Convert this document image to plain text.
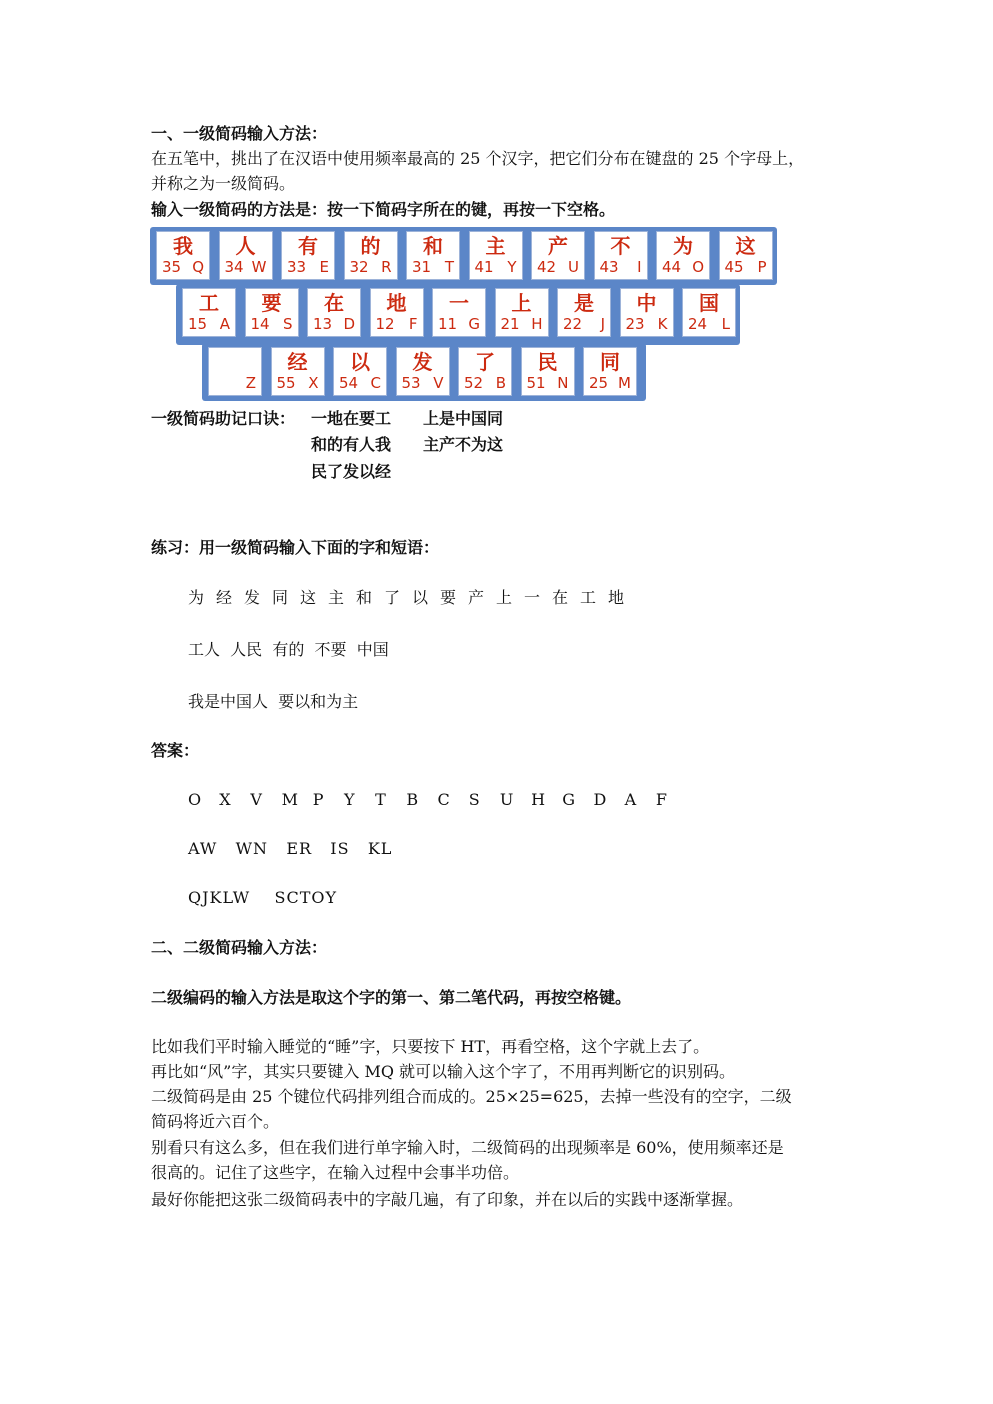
一、一级简码输入方法：
在五笔中，挑出了在汉语中使用频率最高的 25 个汉字，把它们分布在键盘的 25 个字母上，
并称之为一级简码。
输入一级简码的方法是：按一下简码字所在的键，再按一下空格。
我
35 Q
人
34 W
有
33 E
的
32 R
和
31 T
主
41 Y
产
42 U
不
43 I
为
44 O
这
45 P
工
15 A
要
14 S
在
13 D
地
12 F
一
11 G
上
21 H
是
22 J
中
23 K
国
24 L
Z
经
55 X
以
54 C
发
53 V
了
52 B
民
51 N
同
25 M
一级简码助记口诀： 一地在要工 上是中国同
和的有人我 主产不为这
民了发以经
练习：用一级简码输入下面的字和短语：
为 经 发 同 这 主 和 了 以 要 产 上 一 在 工 地
工人  人民  有的  不要  中国
我是中国人  要以和为主
答案：
O X V M P Y T B C S U H G D A F
AW   WN   ER   IS   KL
QJKLW    SCTOY
二、二级简码输入方法：
二级编码的输入方法是取这个字的第一、第二笔代码，再按空格键。
比如我们平时输入睡觉的“睡”字，只要按下 HT，再看空格，这个字就上去了。
再比如“风”字，其实只要键入 MQ 就可以输入这个字了，不用再判断它的识别码。
二级简码是由 25 个键位代码排列组合而成的。25×25=625，去掉一些没有的空字，二级
简码将近六百个。
别看只有这么多，但在我们进行单字输入时，二级简码的出现频率是 60%，使用频率还是
很高的。记住了这些字，在输入过程中会事半功倍。
最好你能把这张二级简码表中的字敲几遍，有了印象，并在以后的实践中逐渐掌握。
